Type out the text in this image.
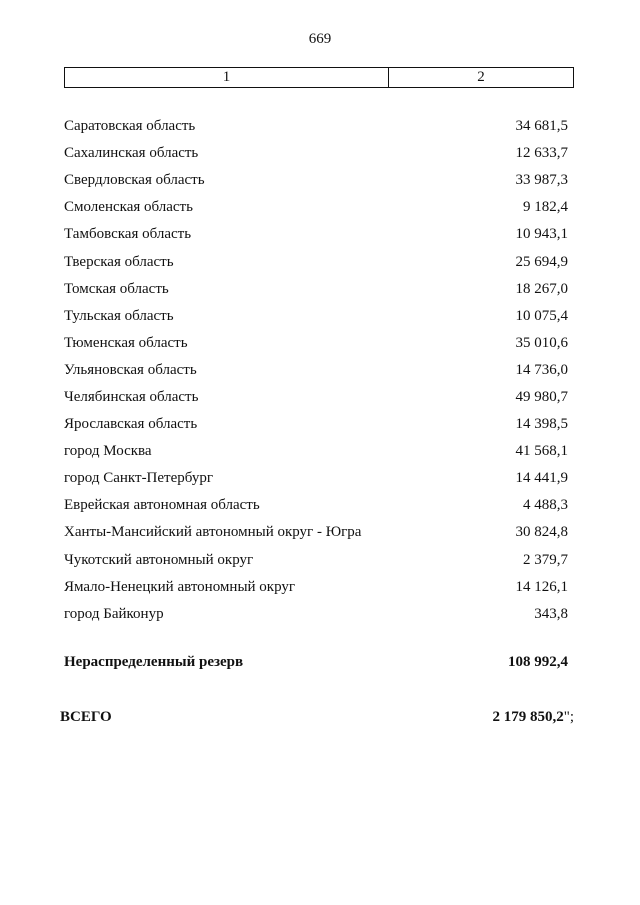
669
1	2
Саратовская область	34 681,5
Сахалинская область	12 633,7
Свердловская область	33 987,3
Смоленская область	9 182,4
Тамбовская область	10 943,1
Тверская область	25 694,9
Томская область	18 267,0
Тульская область	10 075,4
Тюменская область	35 010,6
Ульяновская область	14 736,0
Челябинская область	49 980,7
Ярославская область	14 398,5
город Москва	41 568,1
город Санкт-Петербург	14 441,9
Еврейская автономная область	4 488,3
Ханты-Мансийский автономный округ - Югра	30 824,8
Чукотский автономный округ	2 379,7
Ямало-Ненецкий автономный округ	14 126,1
город Байконур	343,8
Нераспределенный резерв	108 992,4
ВСЕГО	2 179 850,2";
